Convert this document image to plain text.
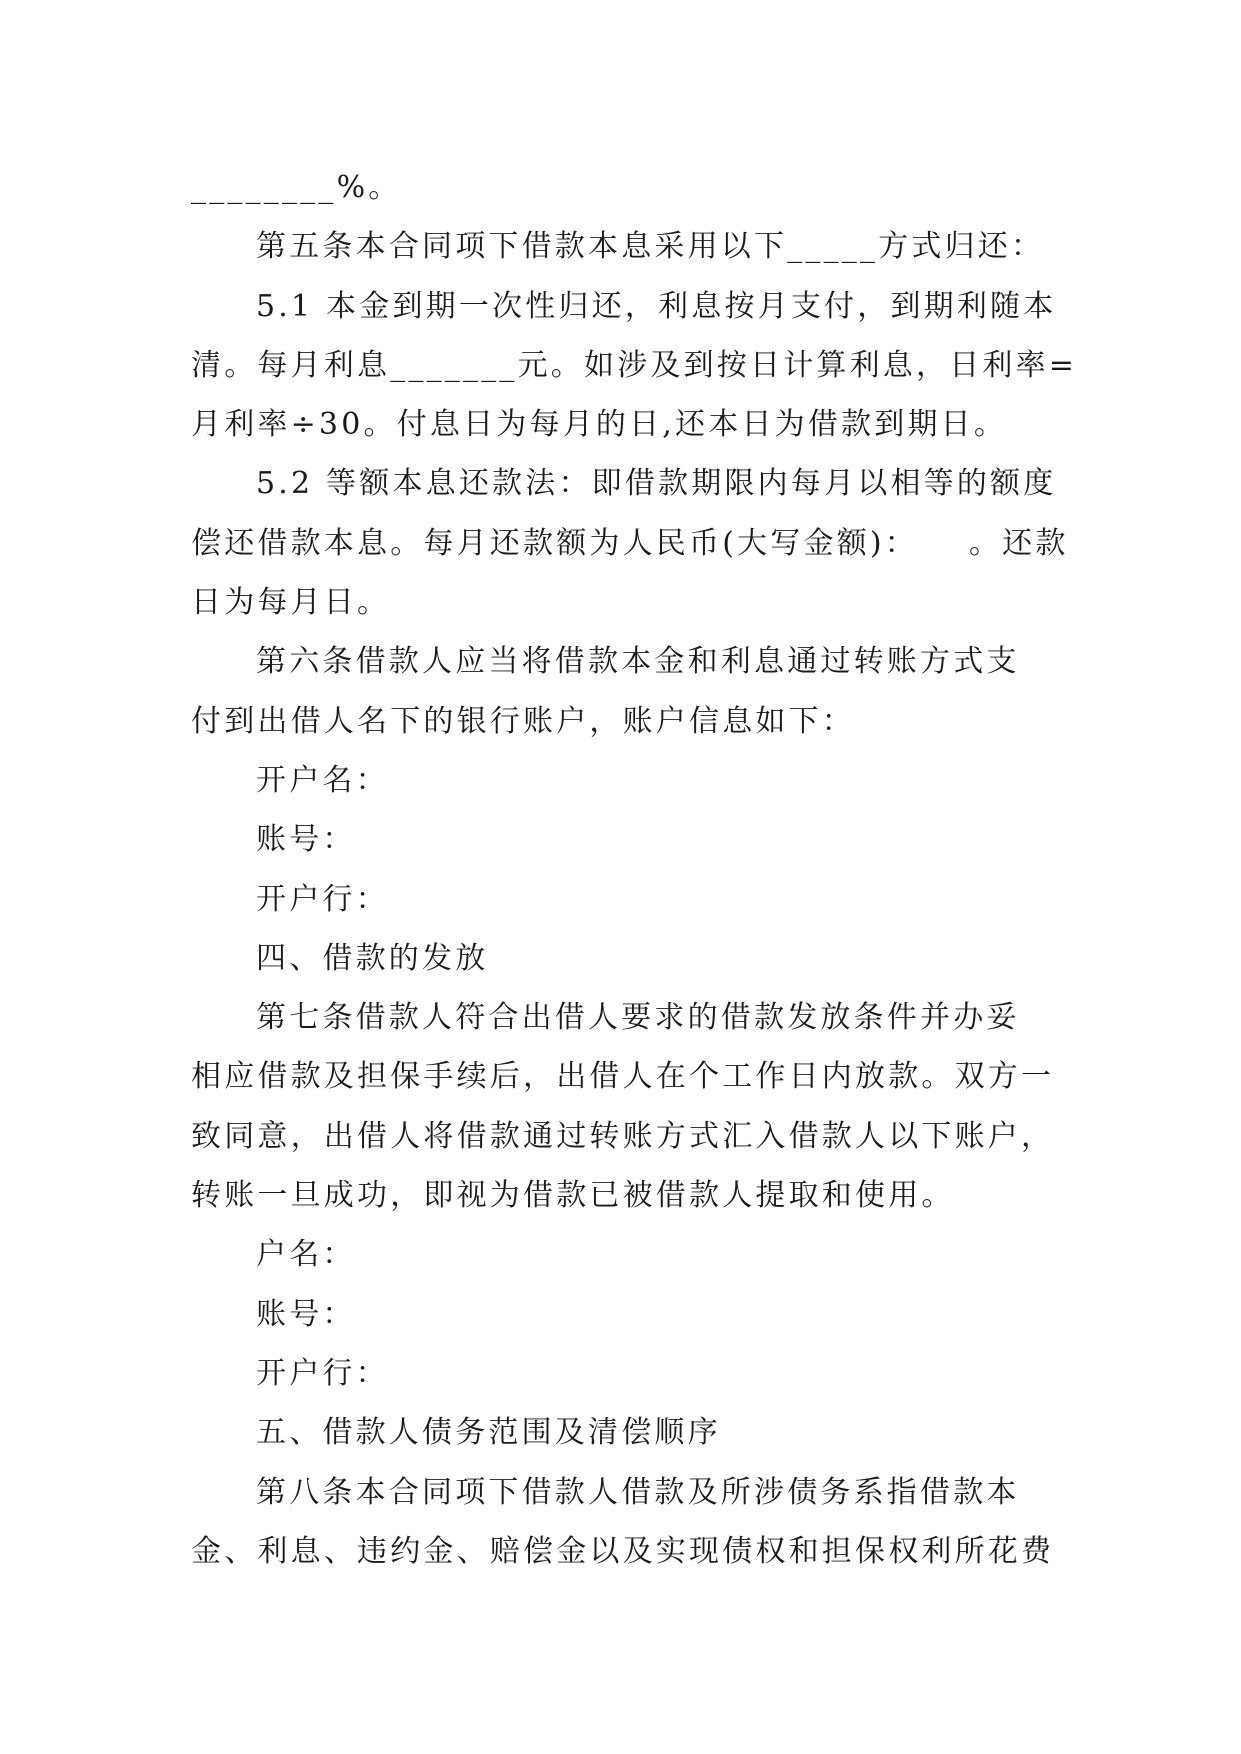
________%。
第五条本合同项下借款本息采用以下_____方式归还：
5.1 本金到期一次性归还，利息按月支付，到期利随本
清。每月利息_______元。如涉及到按日计算利息，日利率=
月利率÷30。付息日为每月的日,还本日为借款到期日。
5.2 等额本息还款法：即借款期限内每月以相等的额度
偿还借款本息。每月还款额为人民币(大写金额)：    。还款
日为每月日。
第六条借款人应当将借款本金和利息通过转账方式支
付到出借人名下的银行账户，账户信息如下：
开户名：
账号：
开户行：
四、借款的发放
第七条借款人符合出借人要求的借款发放条件并办妥
相应借款及担保手续后，出借人在个工作日内放款。双方一
致同意，出借人将借款通过转账方式汇入借款人以下账户，
转账一旦成功，即视为借款已被借款人提取和使用。
户名：
账号：
开户行：
五、借款人债务范围及清偿顺序
第八条本合同项下借款人借款及所涉债务系指借款本
金、利息、违约金、赔偿金以及实现债权和担保权利所花费
